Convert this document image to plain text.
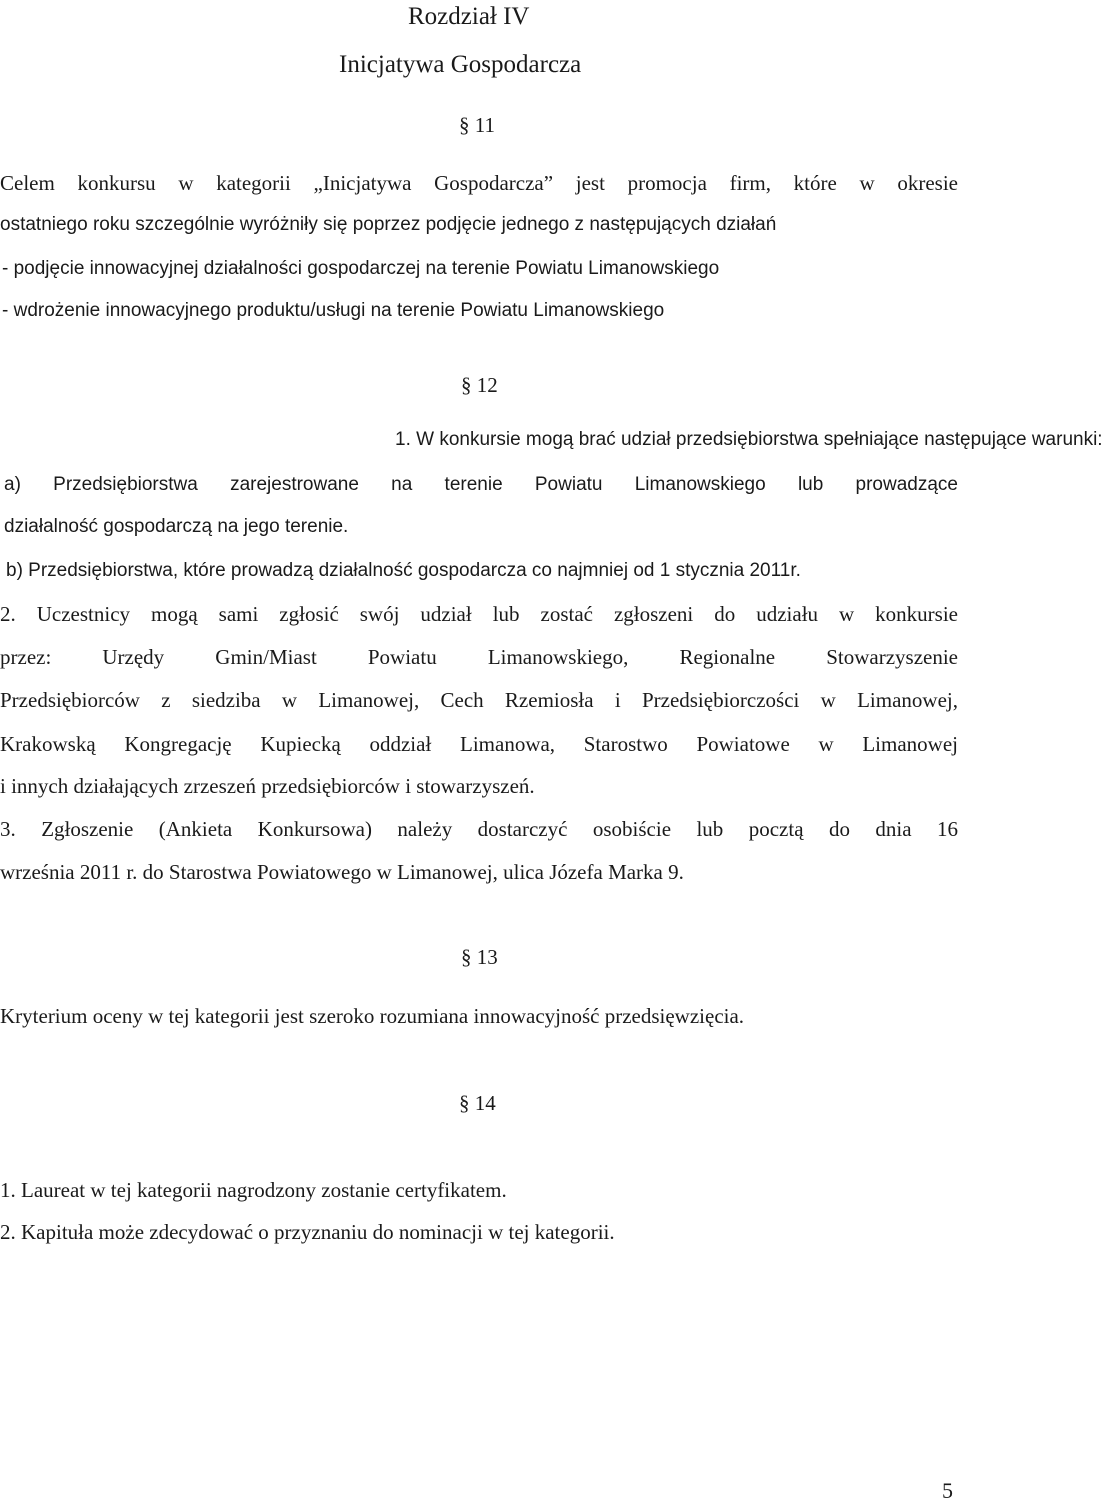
Rozdział IV
Inicjatywa Gospodarcza
§ 11
Celem konkursu w kategorii „Inicjatywa Gospodarcza” jest promocja firm, które w okresie
ostatniego roku szczególnie wyróżniły się poprzez podjęcie jednego z następujących działań
- podjęcie innowacyjnej działalności gospodarczej na terenie Powiatu Limanowskiego
- wdrożenie innowacyjnego produktu/usługi na terenie Powiatu Limanowskiego
§ 12
1. W konkursie mogą brać udział przedsiębiorstwa spełniające następujące warunki:
a) Przedsiębiorstwa zarejestrowane na terenie Powiatu Limanowskiego lub prowadzące
działalność gospodarczą na jego terenie.
b) Przedsiębiorstwa, które prowadzą działalność gospodarcza co najmniej od 1 stycznia 2011r.
2. Uczestnicy mogą sami zgłosić swój udział lub zostać zgłoszeni do udziału w konkursie
przez: Urzędy Gmin/Miast Powiatu Limanowskiego, Regionalne Stowarzyszenie
Przedsiębiorców z siedziba w Limanowej, Cech Rzemiosła i Przedsiębiorczości w Limanowej,
Krakowską Kongregację Kupiecką oddział Limanowa, Starostwo Powiatowe w Limanowej
i innych działających zrzeszeń przedsiębiorców i stowarzyszeń.
3. Zgłoszenie (Ankieta Konkursowa) należy dostarczyć osobiście lub pocztą do dnia 16
września 2011 r. do Starostwa Powiatowego w Limanowej, ulica Józefa Marka 9.
§ 13
Kryterium oceny w tej kategorii jest szeroko rozumiana innowacyjność przedsięwzięcia.
§ 14
1. Laureat w tej kategorii nagrodzony zostanie certyfikatem.
2. Kapituła może zdecydować o przyznaniu do nominacji w tej kategorii.
5
